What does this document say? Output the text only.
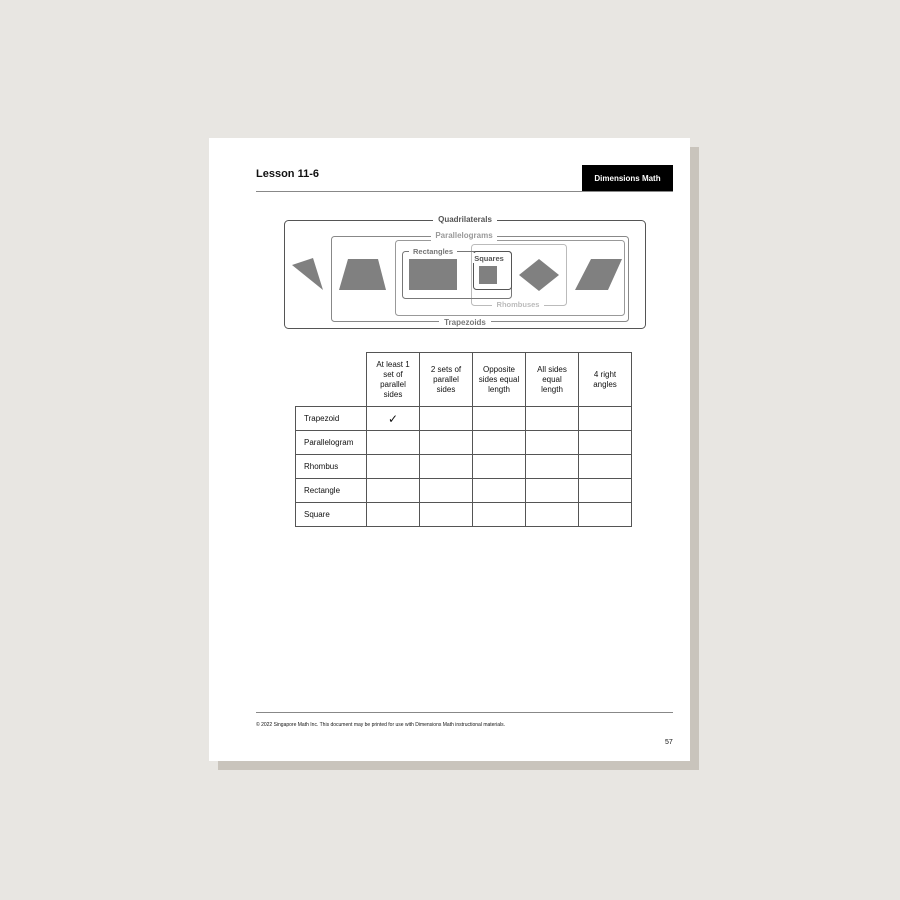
Lesson 11-6	Dimensions Math
Quadrilaterals
Trapezoids
Parallelograms
Rhombuses
Rectangles
Squares
	At least 1 set of parallel sides	2 sets of parallel sides	Opposite sides equal length	All sides equal length	4 right angles
Trapezoid	✓				
Parallelogram					
Rhombus					
Rectangle					
Square					
© 2022 Singapore Math Inc. This document may be printed for use with Dimensions Math instructional materials.
57
